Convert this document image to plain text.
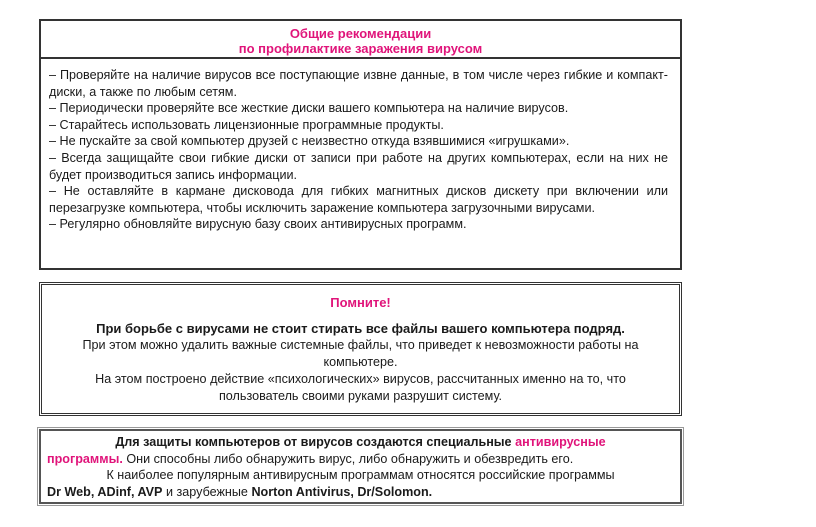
Общие рекомендации
по профилактике заражения вирусом

– Проверяйте на наличие вирусов все поступающие извне данные, в том числе через гибкие и компакт-диски, а также по любым сетям.

– Периодически проверяйте все жесткие диски вашего компьютера на наличие вирусов.

– Старайтесь использовать лицензионные программные продукты.

– Не пускайте за свой компьютер друзей с неизвестно откуда взявшимися «игрушками».

– Всегда защищайте свои гибкие диски от записи при работе на других компьютерах, если на них не будет производиться запись информации.

– Не оставляйте в кармане дисковода для гибких магнитных дисков дискету при включении или перезагрузке компьютера, чтобы исключить заражение компьютера загрузочными вирусами.

– Регулярно обновляйте вирусную базу своих антивирусных программ.

Помните!
При борьбе с вирусами не стоит стирать все файлы вашего компьютера подряд.
При этом можно удалить важные системные файлы, что приведет к невозможности работы на компьютере.
На этом построено действие «психологических» вирусов, рассчитанных именно на то, что пользователь своими руками разрушит систему.
Для защиты компьютеров от вирусов создаются специальные антивирусные
программы. Они способны либо обнаружить вирус, либо обнаружить и обезвредить его.
К наиболее популярным антивирусным программам относятся российские программы
Dr Web, ADinf, AVP и зарубежные Norton Antivirus, Dr/Solomon.
